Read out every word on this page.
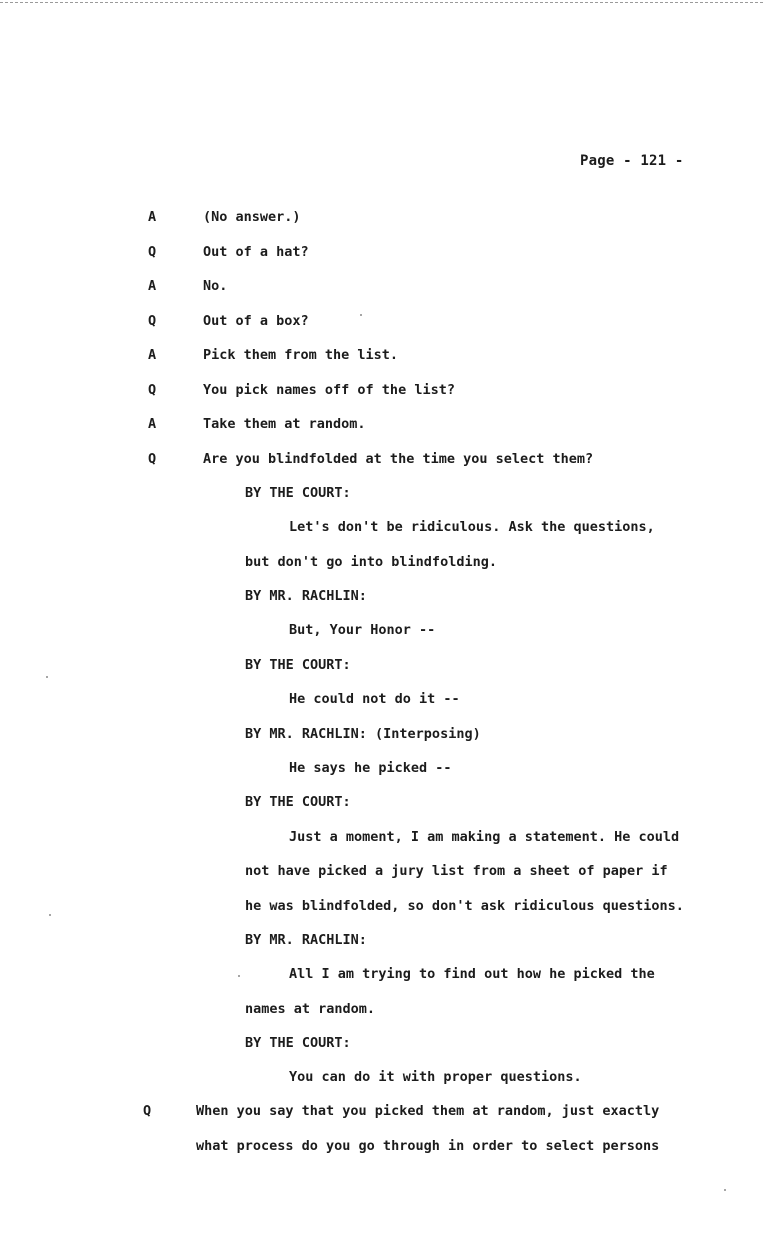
Page - 121 -
A	(No answer.)
Q	Out of a hat?
A	No.
Q	Out of a box?
A	Pick them from the list.
Q	You pick names off of the list?
A	Take them at random.
Q	Are you blindfolded at the time you select them?
BY THE COURT:
Let's don't be ridiculous. Ask the questions,
but don't go into blindfolding.
BY MR. RACHLIN:
But, Your Honor --
BY THE COURT:
He could not do it --
BY MR. RACHLIN: (Interposing)
He says he picked --
BY THE COURT:
Just a moment, I am making a statement. He could
not have picked a jury list from a sheet of paper if
he was blindfolded, so don't ask ridiculous questions.
BY MR. RACHLIN:
All I am trying to find out how he picked the
names at random.
BY THE COURT:
You can do it with proper questions.
Q	When you say that you picked them at random, just exactly
what process do you go through in order to select persons
